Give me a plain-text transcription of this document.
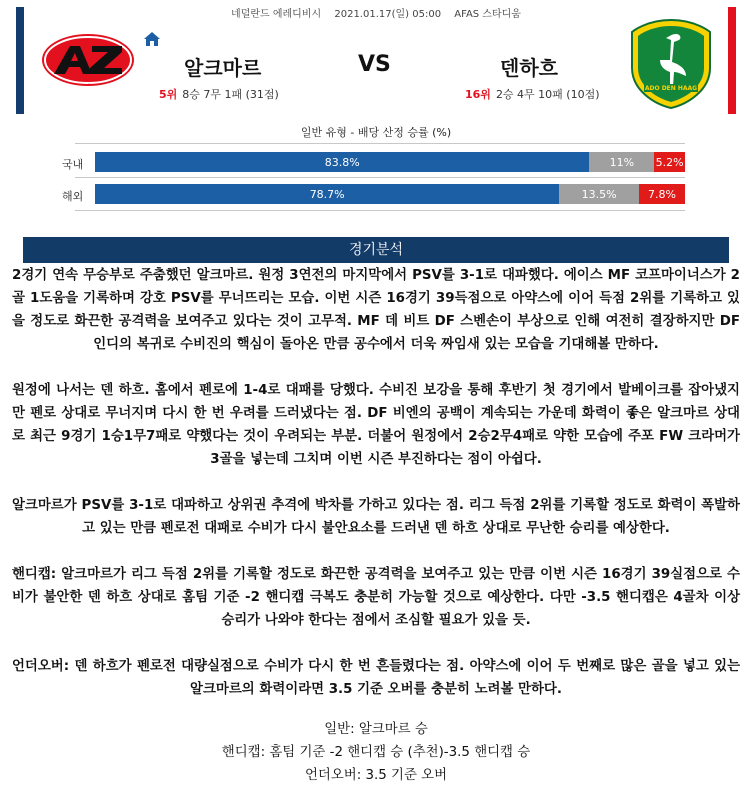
네덜란드 에레디비시 2021.01.17(일) 05:00 AFAS 스타디움
AZ	ADO DEN HAAG
알크마르	VS	덴하흐
5위 8승 7무 1패 (31점)	16위 2승 4무 10패 (10점)
일반 유형 - 배당 산정 승률 (%)
국내	83.8%	11% 5.2%
해외	78.7%	13.5%	7.8%
경기분석

2경기 연속 무승부로 주춤했던 알크마르. 원정 3연전의 마지막에서 PSV를 3-1로 대파했다. 에이스 MF 코프마이너스가 2골 1도움을 기록하며 강호 PSV를 무너뜨리는 모습. 이번 시즌 16경기 39득점으로 아약스에 이어 득점 2위를 기록하고 있을 정도로 화끈한 공격력을 보여주고 있다는 것이 고무적. MF 데 비트 DF 스벤손이 부상으로 인해 여전히 결장하지만 DF 인디의 복귀로 수비진의 핵심이 돌아온 만큼 공수에서 더욱 짜임새 있는 모습을 기대해볼 만하다.

원정에 나서는 덴 하흐. 홈에서 펜로에 1-4로 대패를 당했다. 수비진 보강을 통해 후반기 첫 경기에서 발베이크를 잡아냈지만 펜로 상대로 무너지며 다시 한 번 우려를 드러냈다는 점. DF 비엔의 공백이 계속되는 가운데 화력이 좋은 알크마르 상대로 최근 9경기 1승1무7패로 약했다는 것이 우려되는 부분. 더불어 원정에서 2승2무4패로 약한 모습에 주포 FW 크라머가 3골을 넣는데 그치며 이번 시즌 부진하다는 점이 아쉽다.

알크마르가 PSV를 3-1로 대파하고 상위권 추격에 박차를 가하고 있다는 점. 리그 득점 2위를 기록할 정도로 화력이 폭발하고 있는 만큼 펜로전 대패로 수비가 다시 불안요소를 드러낸 덴 하흐 상대로 무난한 승리를 예상한다.

핸디캡: 알크마르가 리그 득점 2위를 기록할 정도로 화끈한 공격력을 보여주고 있는 만큼 이번 시즌 16경기 39실점으로 수비가 불안한 덴 하흐 상대로 홈팀 기준 -2 핸디캡 극복도 충분히 가능할 것으로 예상한다. 다만 -3.5 핸디캡은 4골차 이상 승리가 나와야 한다는 점에서 조심할 필요가 있을 듯.

언더오버: 덴 하흐가 펜로전 대량실점으로 수비가 다시 한 번 흔들렸다는 점. 아약스에 이어 두 번째로 많은 골을 넣고 있는 알크마르의 화력이라면 3.5 기준 오버를 충분히 노려볼 만하다.

일반: 알크마르 승
핸디캡: 홈팀 기준 -2 핸디캡 승 (추천)-3.5 핸디캡 승
언더오버: 3.5 기준 오버
